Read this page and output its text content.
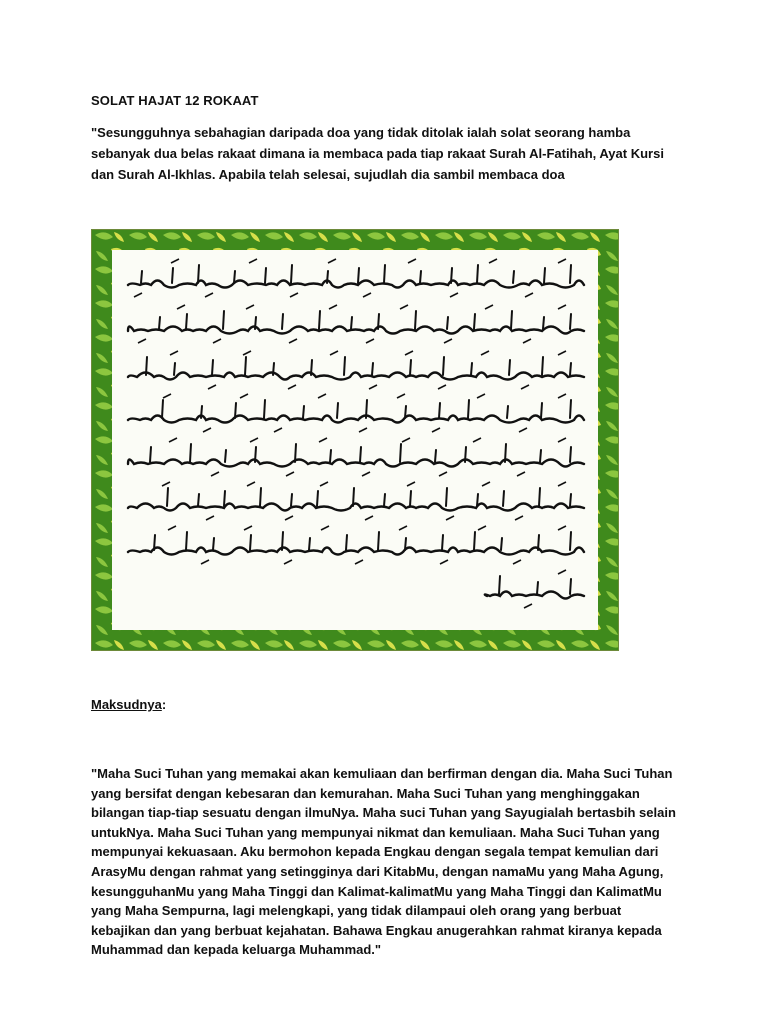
SOLAT HAJAT 12 ROKAAT
"Sesungguhnya sebahagian daripada doa yang tidak ditolak ialah solat seorang hamba sebanyak dua belas rakaat dimana ia membaca pada tiap rakaat Surah Al-Fatihah, Ayat Kursi dan Surah Al-Ikhlas. Apabila telah selesai, sujudlah dia sambil membaca doa
Maksudnya:
"Maha Suci Tuhan yang memakai akan kemuliaan dan berfirman dengan dia. Maha Suci Tuhan yang bersifat dengan kebesaran dan kemurahan. Maha Suci Tuhan yang menghinggakan bilangan tiap-tiap sesuatu dengan ilmuNya. Maha suci Tuhan yang Sayugialah bertasbih selain untukNya. Maha Suci Tuhan yang mempunyai nikmat dan kemuliaan. Maha Suci Tuhan yang mempunyai kekuasaan. Aku bermohon kepada Engkau dengan segala tempat kemulian dari ArasyMu dengan rahmat yang setingginya dari KitabMu, dengan namaMu yang Maha Agung, kesungguhanMu yang Maha Tinggi dan Kalimat-kalimatMu yang Maha Tinggi dan KalimatMu yang Maha Sempurna, lagi melengkapi, yang tidak dilampaui oleh orang yang berbuat kebajikan dan yang berbuat kejahatan. Bahawa Engkau anugerahkan rahmat kiranya kepada Muhammad dan kepada keluarga Muhammad."
